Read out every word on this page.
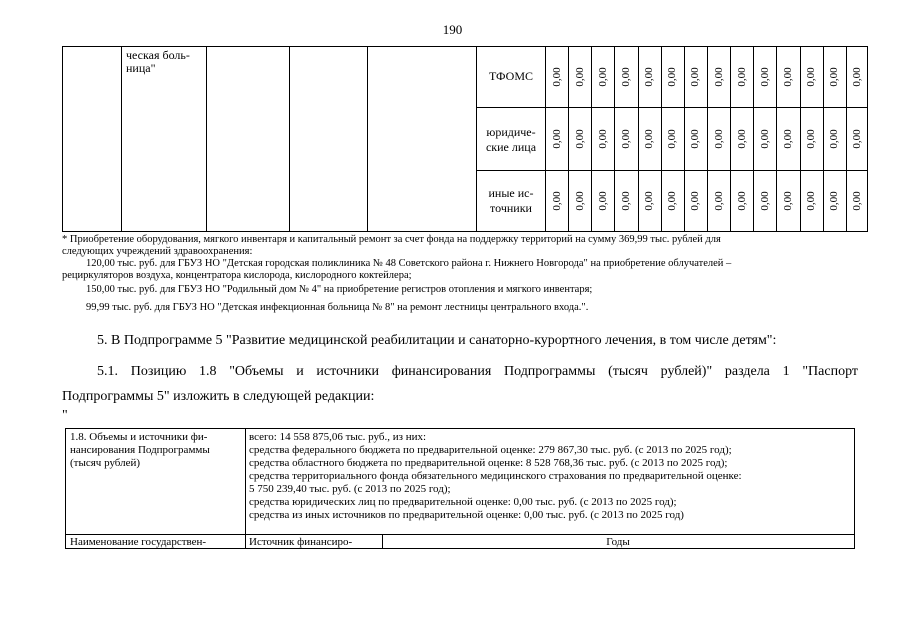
190
ческая боль-
ница"
ТФОМС
юридиче-
ские лица
иные ис-
точники
0,00 0,00 0,00 0,00 0,00 0,00 0,00 0,00 0,00 0,00 0,00 0,00 0,00 0,00
0,00 0,00 0,00 0,00 0,00 0,00 0,00 0,00 0,00 0,00 0,00 0,00 0,00 0,00
0,00 0,00 0,00 0,00 0,00 0,00 0,00 0,00 0,00 0,00 0,00 0,00 0,00 0,00
* Приобретение оборудования, мягкого инвентаря и капитальный ремонт за счет фонда на поддержку территорий на сумму 369,99 тыс. рублей для
следующих учреждений здравоохранения:
120,00 тыс. руб. для ГБУЗ НО "Детская городская поликлиника № 48 Советского района г. Нижнего Новгорода" на приобретение облучателей –
рециркуляторов воздуха, концентратора кислорода, кислородного коктейлера;
150,00 тыс. руб. для ГБУЗ НО "Родильный дом № 4" на приобретение регистров отопления и мягкого инвентаря;
99,99 тыс. руб. для ГБУЗ НО "Детская инфекционная больница № 8" на ремонт лестницы центрального входа.".
5. В Подпрограмме 5 "Развитие медицинской реабилитации и санаторно-курортного лечения, в том числе детям":
5.1. Позицию 1.8 "Объемы и источники финансирования Подпрограммы (тысяч рублей)" раздела 1 "Паспорт
Подпрограммы 5" изложить в следующей редакции:
"
1.8. Объемы и источники фи-
нансирования Подпрограммы
(тысяч рублей)
всего: 14 558 875,06 тыс. руб., из них:
средства федерального бюджета по предварительной оценке: 279 867,30 тыс. руб. (с 2013 по 2025 год);
средства областного бюджета по предварительной оценке: 8 528 768,36 тыс. руб. (с 2013 по 2025 год);
средства территориального фонда обязательного медицинского страхования по предварительной оценке:
5 750 239,40 тыс. руб. (с 2013 по 2025 год);
средства юридических лиц по предварительной оценке: 0,00 тыс. руб. (с 2013 по 2025 год);
средства из иных источников по предварительной оценке: 0,00 тыс. руб. (с 2013 по 2025 год)
Наименование государствен-	Источник финансиро-	Годы
